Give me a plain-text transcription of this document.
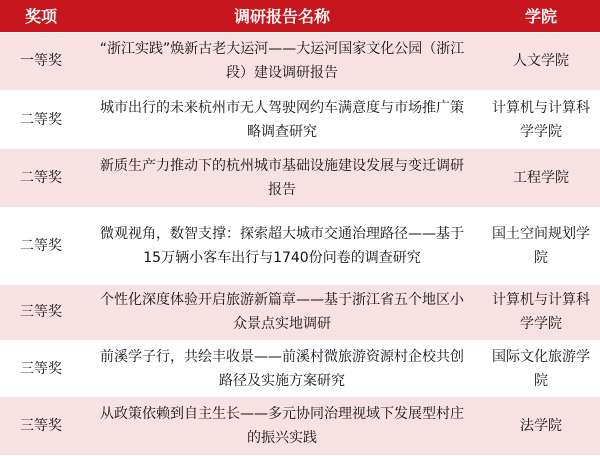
奖项	调研报告名称	学院
一等奖	“浙江实践”焕新古老大运河——大运河国家文化公园（浙江段）建设调研报告	人文学院
二等奖	城市出行的未来杭州市无人驾驶网约车满意度与市场推广策略调查研究	计算机与计算科学学院
二等奖	新质生产力推动下的杭州城市基础设施建设发展与变迁调研报告	工程学院
二等奖	微观视角，数智支撑：探索超大城市交通治理路径——基于15万辆小客车出行与1740份问卷的调查研究	国土空间规划学院
三等奖	个性化深度体验开启旅游新篇章——基于浙江省五个地区小众景点实地调研	计算机与计算科学学院
三等奖	前溪学子行，共绘丰收景——前溪村微旅游资源村企校共创路径及实施方案研究	国际文化旅游学院
三等奖	从政策依赖到自主生长——多元协同治理视域下发展型村庄的振兴实践	法学院
